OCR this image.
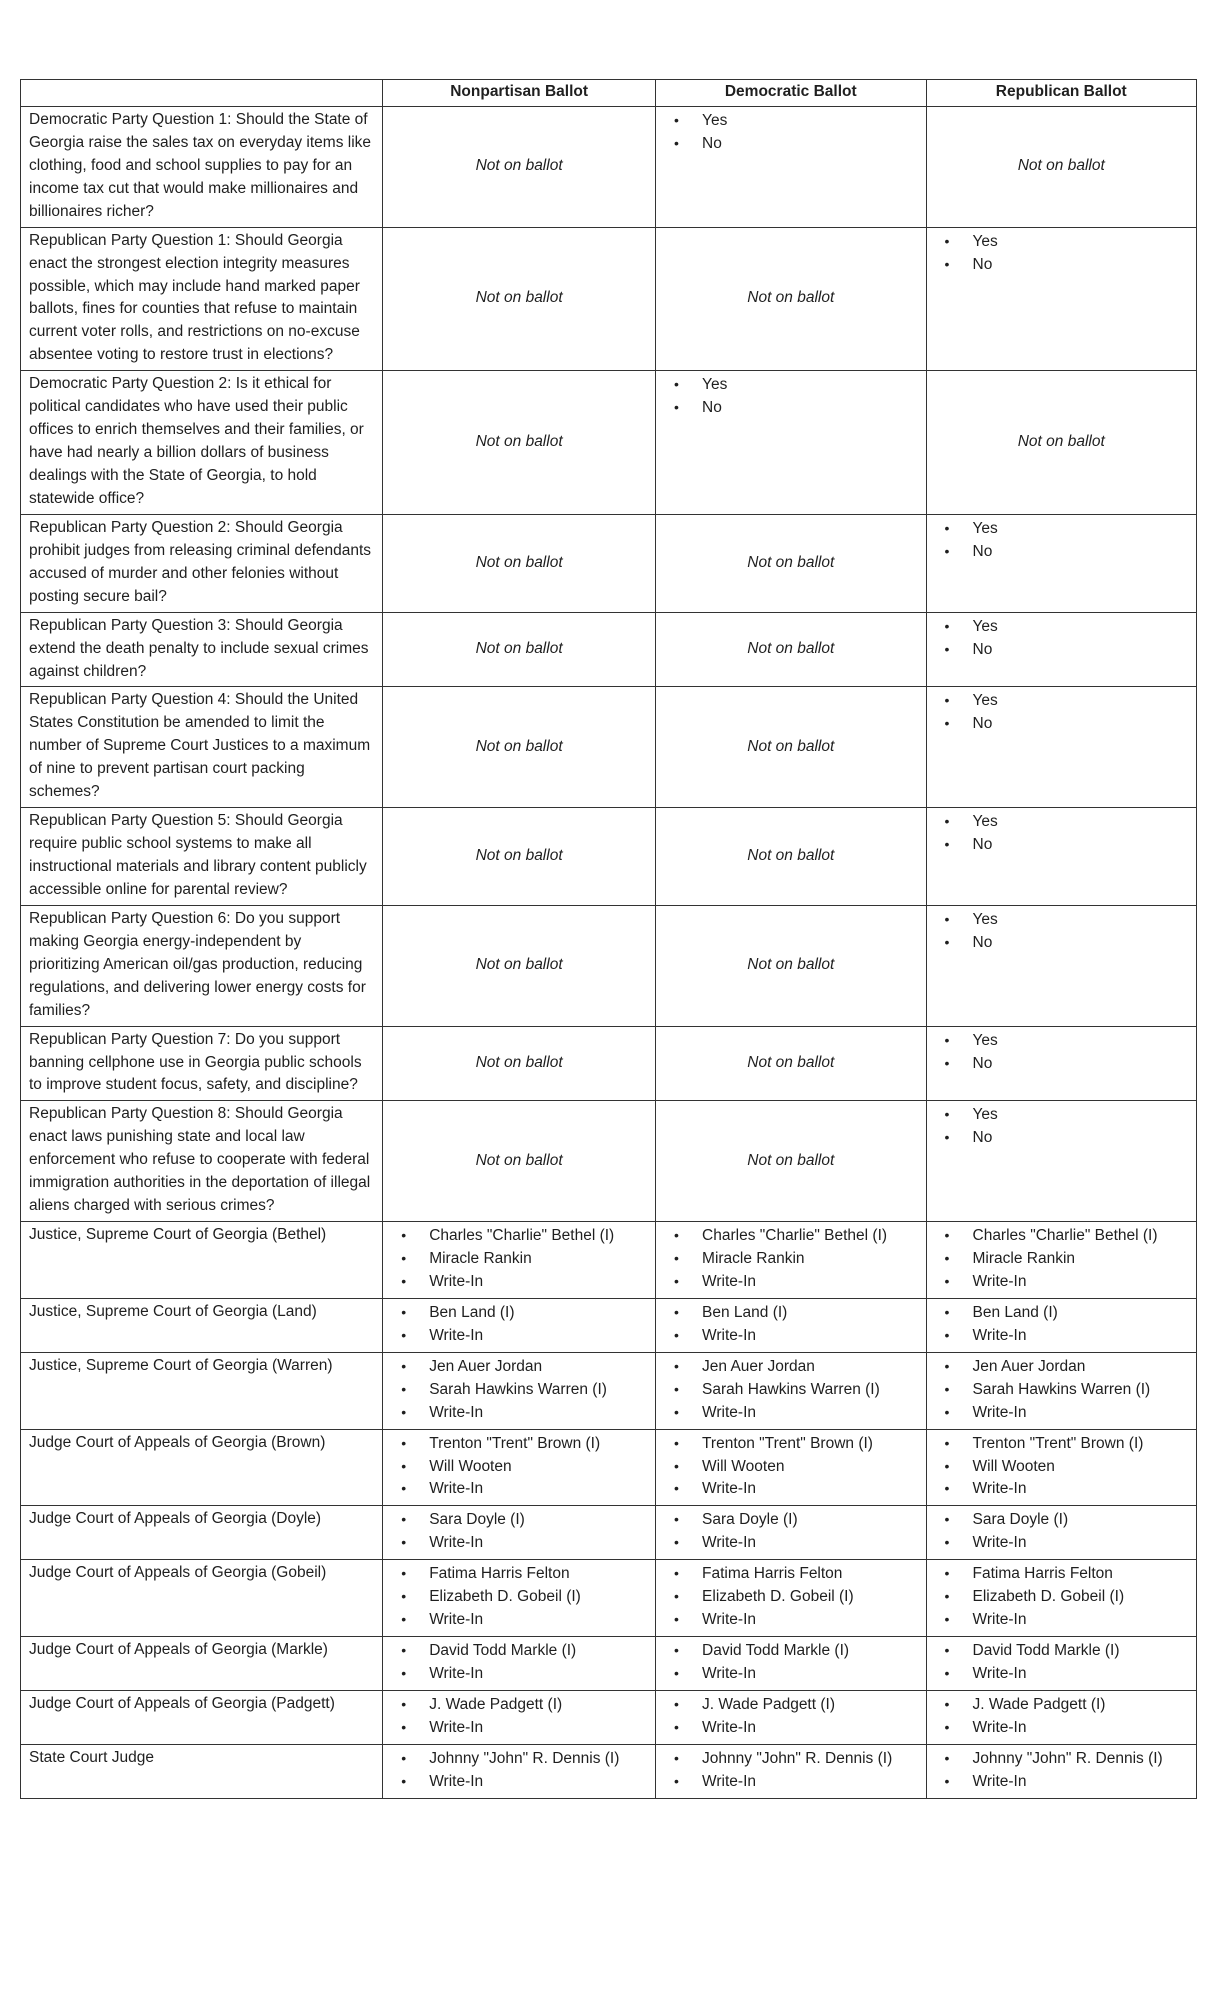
	Nonpartisan Ballot	Democratic Ballot	Republican Ballot
Democratic Party Question 1: Should the State of Georgia raise the sales tax on everyday items like clothing, food and school supplies to pay for an income tax cut that would make millionaires and billionaires richer?	Not on ballot	
•	Yes
•	No
	Not on ballot
Republican Party Question 1: Should Georgia enact the strongest election integrity measures possible, which may include hand marked paper ballots, fines for counties that refuse to maintain current voter rolls, and restrictions on no-excuse absentee voting to restore trust in elections?	Not on ballot	Not on ballot	
•	Yes
•	No

Democratic Party Question 2: Is it ethical for political candidates who have used their public offices to enrich themselves and their families, or have had nearly a billion dollars of business dealings with the State of Georgia, to hold statewide office?	Not on ballot	
•	Yes
•	No
	Not on ballot
Republican Party Question 2: Should Georgia prohibit judges from releasing criminal defendants accused of murder and other felonies without posting secure bail?	Not on ballot	Not on ballot	• Yes
• No

Republican Party Question 3: Should Georgia extend the death penalty to include sexual crimes against children?	Not on ballot	Not on ballot	• Yes
• No

Republican Party Question 4: Should the United States Constitution be amended to limit the number of Supreme Court Justices to a maximum of nine to prevent partisan court packing schemes?	Not on ballot	Not on ballot	• Yes
• No

Republican Party Question 5: Should Georgia require public school systems to make all instructional materials and library content publicly accessible online for parental review?	Not on ballot	Not on ballot	• Yes
• No

Republican Party Question 6: Do you support making Georgia energy-independent by prioritizing American oil/gas production, reducing regulations, and delivering lower energy costs for families?	Not on ballot	Not on ballot	• Yes
• No

Republican Party Question 7: Do you support banning cellphone use in Georgia public schools to improve student focus, safety, and discipline?	Not on ballot	Not on ballot	• Yes
• No

Republican Party Question 8: Should Georgia enact laws punishing state and local law enforcement who refuse to cooperate with federal immigration authorities in the deportation of illegal aliens charged with serious crimes?	Not on ballot	Not on ballot	
•	Yes
•	No

Justice, Supreme Court of Georgia (Bethel)	•	Charles "Charlie" Bethel (I)
•	Miracle Rankin
•	Write-In

•	Charles "Charlie" Bethel (I)
•	Miracle Rankin
•	Write-In

•	Charles "Charlie" Bethel (I)
•	Miracle Rankin
•	Write-In

Justice, Supreme Court of Georgia (Land)	•	Ben Land (I)
•	Write-In

•	Ben Land (I)
•	Write-In

•	Ben Land (I)
•	Write-In

Justice, Supreme Court of Georgia (Warren)	•	Jen Auer Jordan
•	Sarah Hawkins Warren (I)
•	Write-In

•	Jen Auer Jordan
•	Sarah Hawkins Warren (I)
•	Write-In

•	Jen Auer Jordan
•	Sarah Hawkins Warren (I)
•	Write-In

Judge Court of Appeals of Georgia (Brown)	•	Trenton "Trent" Brown (I)
•	Will Wooten
•	Write-In

•	Trenton "Trent" Brown (I)
•	Will Wooten
•	Write-In

•	Trenton "Trent" Brown (I)
•	Will Wooten
•	Write-In

Judge Court of Appeals of Georgia (Doyle)	•	Sara Doyle (I)
•	Write-In

•	Sara Doyle (I)
•	Write-In

•	Sara Doyle (I)
•	Write-In

Judge Court of Appeals of Georgia (Gobeil)	•	Fatima Harris Felton
•	Elizabeth D. Gobeil (I)
•	Write-In

•	Fatima Harris Felton
•	Elizabeth D. Gobeil (I)
•	Write-In

•	Fatima Harris Felton
•	Elizabeth D. Gobeil (I)
•	Write-In

Judge Court of Appeals of Georgia (Markle)	•	David Todd Markle (I)
•	Write-In

•	David Todd Markle (I)
•	Write-In

•	David Todd Markle (I)
•	Write-In

Judge Court of Appeals of Georgia (Padgett)	•	J. Wade Padgett (I)
•	Write-In

•	J. Wade Padgett (I)
•	Write-In

•	J. Wade Padgett (I)
•	Write-In

State Court Judge	•	Johnny "John" R. Dennis (I)
•	Write-In

•	Johnny "John" R. Dennis (I)
•	Write-In

•	Johnny "John" R. Dennis (I)
•	Write-In
